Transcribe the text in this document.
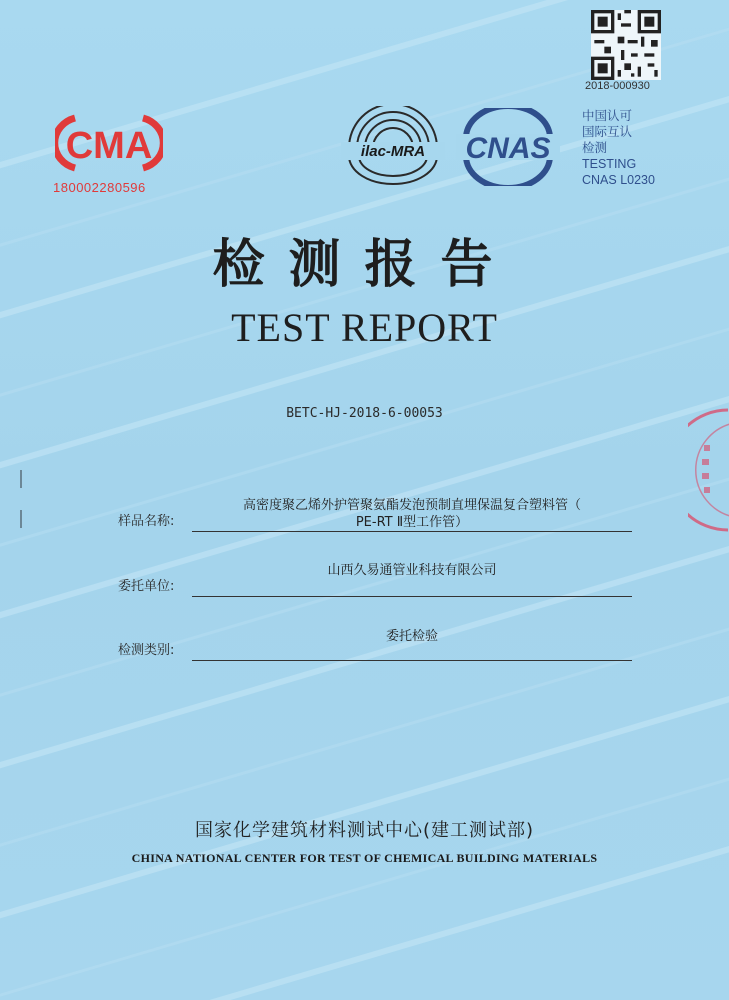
2018-000930
CMA
180002280596
ilac-MRA CNAS
中国认可
国际互认
检测
TESTING
CNAS L0230
检测报告
TEST REPORT
BETC-HJ-2018-6-00053
样品名称:
高密度聚乙烯外护管聚氨酯发泡预制直埋保温复合塑料管（
PE-RT Ⅱ型工作管）
委托单位:
山西久易通管业科技有限公司
检测类别:
委托检验
国家化学建筑材料测试中心(建工测试部)
CHINA NATIONAL CENTER FOR TEST OF CHEMICAL BUILDING MATERIALS
